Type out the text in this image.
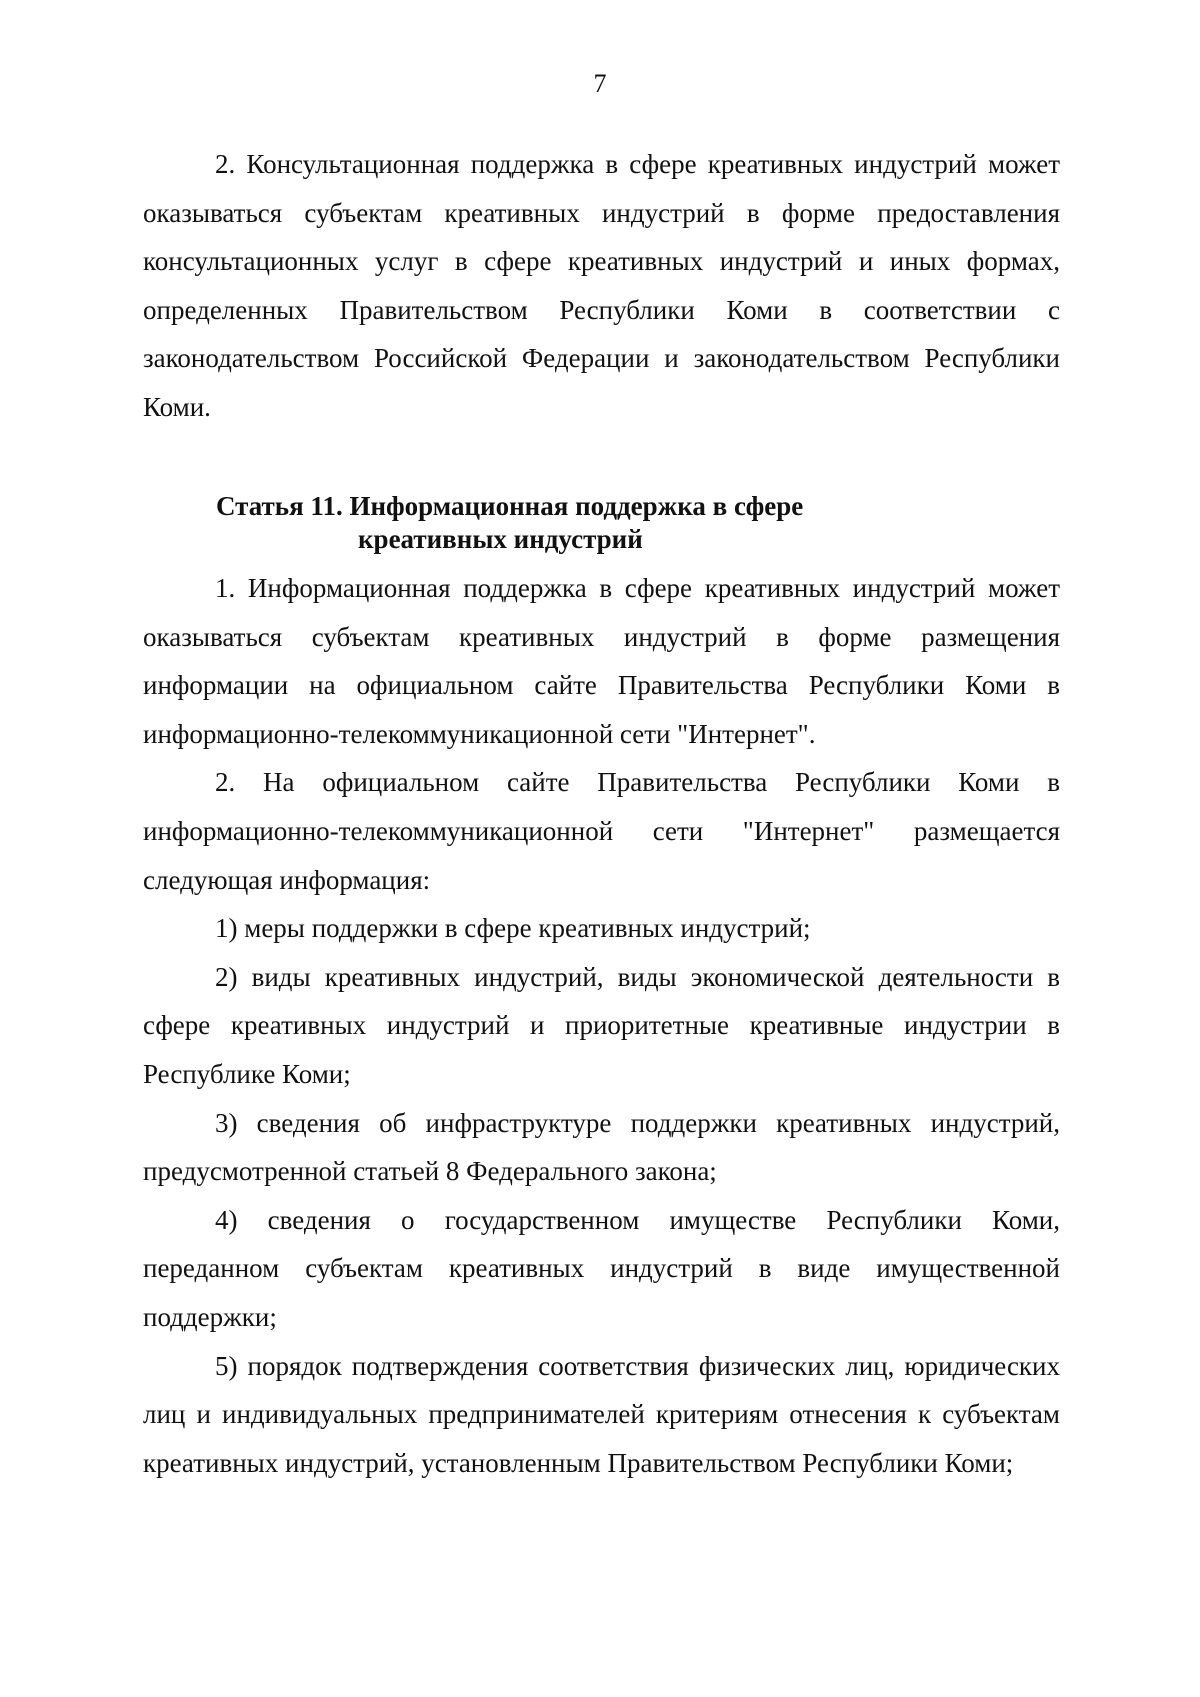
7

2. Консультационная поддержка в сфере креативных индустрий может оказываться субъектам креативных индустрий в форме предоставления консультационных услуг в сфере креативных индустрий и иных формах, определенных Правительством Республики Коми в соответствии с законодательством Российской Федерации и законодательством Республики Коми.

Статья 11. Информационная поддержка в сфере
креативных индустрий

1. Информационная поддержка в сфере креативных индустрий может оказываться субъектам креативных индустрий в форме размещения информации на официальном сайте Правительства Республики Коми в информационно-телекоммуникационной сети "Интернет".

2. На официальном сайте Правительства Республики Коми в информационно-телекоммуникационной сети "Интернет" размещается следующая информация:

1) меры поддержки в сфере креативных индустрий;

2) виды креативных индустрий, виды экономической деятельности в сфере креативных индустрий и приоритетные креативные индустрии в Республике Коми;

3) сведения об инфраструктуре поддержки креативных индустрий, предусмотренной статьей 8 Федерального закона;

4) сведения о государственном имуществе Республики Коми, переданном субъектам креативных индустрий в виде имущественной поддержки;

5) порядок подтверждения соответствия физических лиц, юридических лиц и индивидуальных предпринимателей критериям отнесения к субъектам креативных индустрий, установленным Правительством Республики Коми;
